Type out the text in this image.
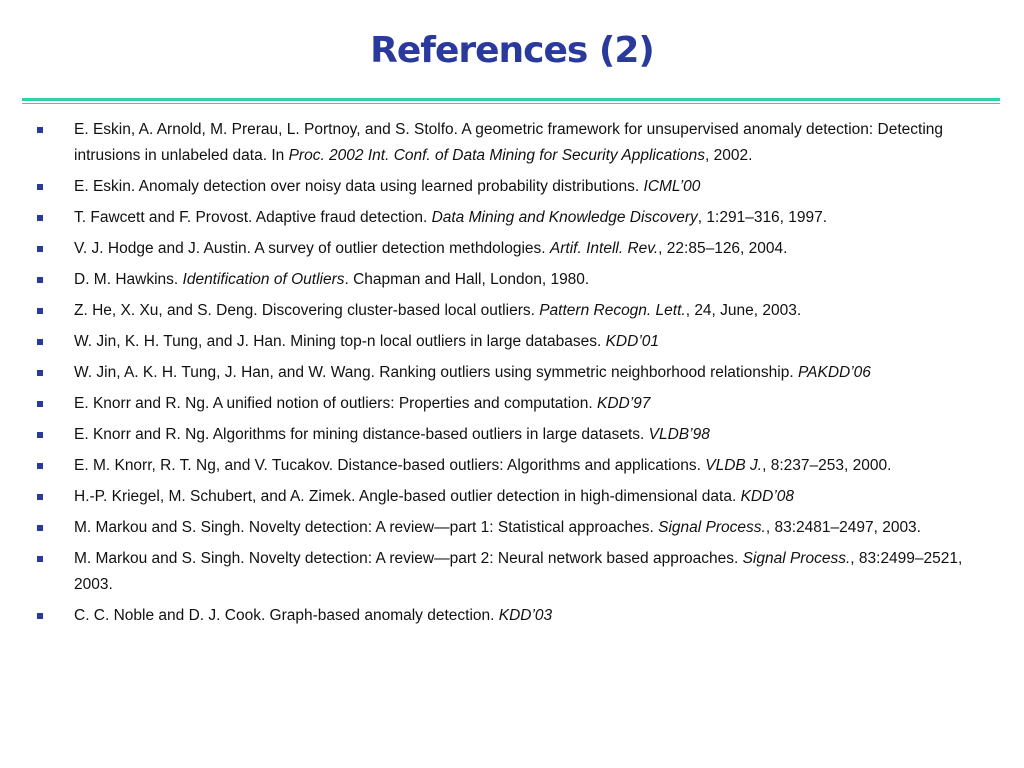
References (2)
E. Eskin, A. Arnold, M. Prerau, L. Portnoy, and S. Stolfo. A geometric framework for unsupervised anomaly detection: Detecting intrusions in unlabeled data. In Proc. 2002 Int. Conf. of Data Mining for Security Applications, 2002.
E. Eskin. Anomaly detection over noisy data using learned probability distributions. ICML’00
T. Fawcett and F. Provost. Adaptive fraud detection. Data Mining and Knowledge Discovery, 1:291–316, 1997.
V. J. Hodge and J. Austin. A survey of outlier detection methdologies. Artif. Intell. Rev., 22:85–126, 2004.
D. M. Hawkins. Identification of Outliers. Chapman and Hall, London, 1980.
Z. He, X. Xu, and S. Deng. Discovering cluster-based local outliers. Pattern Recogn. Lett., 24, June, 2003.
W. Jin, K. H. Tung, and J. Han. Mining top-n local outliers in large databases. KDD’01
W. Jin, A. K. H. Tung, J. Han, and W. Wang. Ranking outliers using symmetric neighborhood relationship. PAKDD’06
E. Knorr and R. Ng. A unified notion of outliers: Properties and computation. KDD’97
E. Knorr and R. Ng. Algorithms for mining distance-based outliers in large datasets. VLDB’98
E. M. Knorr, R. T. Ng, and V. Tucakov. Distance-based outliers: Algorithms and applications. VLDB J., 8:237–253, 2000.
H.-P. Kriegel, M. Schubert, and A. Zimek. Angle-based outlier detection in high-dimensional data. KDD’08
M. Markou and S. Singh. Novelty detection: A review—part 1: Statistical approaches. Signal Process., 83:2481–2497, 2003.
M. Markou and S. Singh. Novelty detection: A review—part 2: Neural network based approaches. Signal Process., 83:2499–2521, 2003.
C. C. Noble and D. J. Cook. Graph-based anomaly detection. KDD’03
